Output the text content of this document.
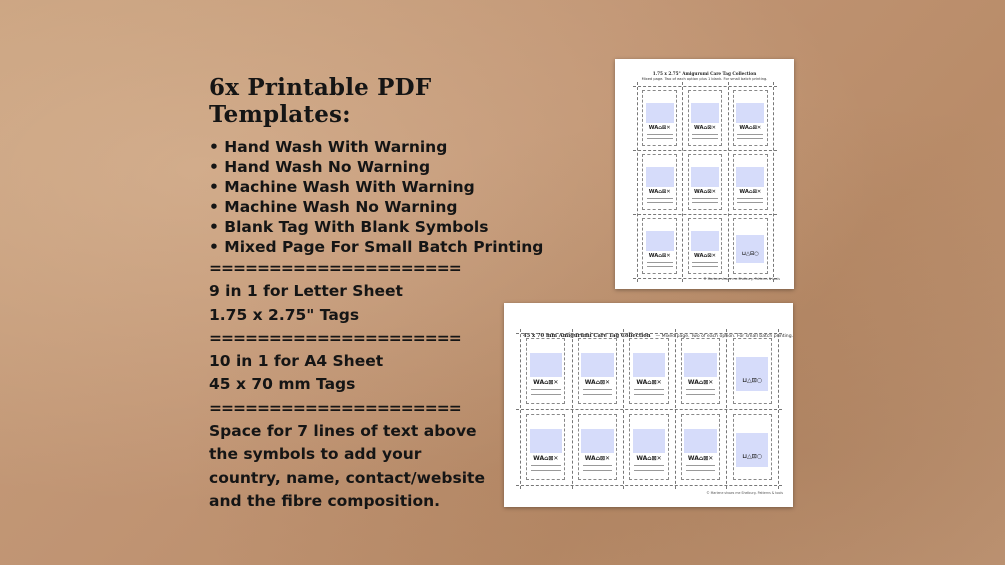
6x Printable PDF Templates:
• Hand Wash With Warning
• Hand Wash No Warning
• Machine Wash With Warning
• Machine Wash No Warning
• Blank Tag With Blank Symbols
• Mixed Page For Small Batch Printing
=====================
9 in 1 for Letter Sheet
1.75 x 2.75" Tags
=====================
10 in 1 for A4 Sheet
45 x 70 mm Tags
=====================
Space for 7 lines of text above
the symbols to add your
country, name, contact/website
and the fibre composition.
1.75 x 2.75" Amigurumi Care Tag Collection
Mixed page. Two of each option plus 1 blank. For small batch printing.
WA⌂⊠✕	WA⌂⊠✕	WA⌂⊠✕
WA⌂⊠✕	WA⌂⊠✕	WA⌂⊠✕
WA⌂⊠✕	WA⌂⊠✕	⊔△⊡○
© Marlene shows me Shelburg. Patterns & tools
45 x 70 mm Amigurumi Care Tag Collection — Mixed page. Two of each option. For small batch printing.
WA⌂⊠✕	WA⌂⊠✕	WA⌂⊠✕	WA⌂⊠✕	⊔△⊡○
WA⌂⊠✕	WA⌂⊠✕	WA⌂⊠✕	WA⌂⊠✕	⊔△⊡○
© Marlene shows me Shelburg. Patterns & tools
